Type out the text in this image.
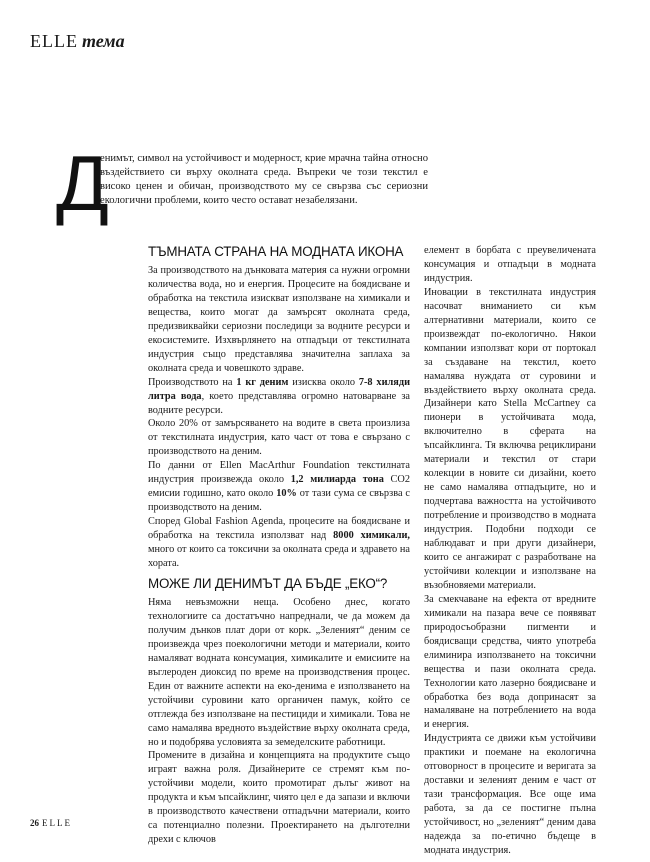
ELLE тема
Д

енимът, символ на устойчивост и модерност, крие мрачна тайна относно въздействието си върху околната среда. Въпреки че този текстил е високо ценен и обичан, производството му се свързва със сериозни екологични проблеми, които често остават незабелязани.

ТЪМНАТА СТРАНА НА МОДНАТА ИКОНА

За производството на дънковата материя са нужни огромни количества вода, но и енергия. Процесите на боядисване и обработка на текстила изискват използване на химикали и вещества, които могат да замърсят околната среда, предизвиквайки сериозни последици за водните ресурси и екосистемите. Изхвърлянето на отпадъци от текстилната индустрия също представлява значителна заплаха за околната среда и човешкото здраве.

Производството на 1 кг деним изисква около 7-8 хиляди литра вода, което представлява огромно натоварване за водните ресурси.

Около 20% от замърсяването на водите в света произлиза от текстилната индустрия, като част от това е свързано с производството на деним.

По данни от Ellen MacArthur Foundation текстилната индустрия произвежда около 1,2 милиарда тона CO2 емисии годишно, като около 10% от тази сума се свързва с производството на деним.

Според Global Fashion Agenda, процесите на боядисване и обработка на текстила използват над 8000 химикали, много от които са токсични за околната среда и здравето на хората.

МОЖЕ ЛИ ДЕНИМЪТ ДА БЪДЕ „ЕКО“?

Няма невъзможни неща. Особено днес, когато технологиите са достатъчно напреднали, че да можем да получим дънков плат дори от корк. „Зеленият“ деним се произвежда чрез поекологични методи и материали, които намаляват водната консумация, химикалите и емисиите на въглероден диоксид по време на производствения процес. Един от важните аспекти на еко-денима е използването на устойчиви суровини като органичен памук, който се отглежда без използване на пестициди и химикали. Това не само намалява вредното въздействие върху околната среда, но и подобрява условията за земеделските работници.

Промените в дизайна и концепцията на продуктите също играят важна роля. Дизайнерите се стремят към по-устойчиви модели, които промотират дълъг живот на продукта и към ъпсайклинг, чиято цел е да запази и включи в производството качествени отпадъчни материали, които са потенциално полезни. Проектирането на дълготелни дрехи с ключов

елемент в борбата с преувеличената консумация и отпадъци в модната индустрия.

Иновации в текстилната индустрия насочват вниманието си към алтернативни материали, които се произвеждат по-екологично. Някои компании използват кори от портокал за създаване на текстил, което намалява нуждата от суровини и въздействието върху околната среда. Дизайнери като Stella McCartney са пионери в устойчивата мода, включително в сферата на ъпсайклинга. Тя включва рециклирани материали и текстил от стари колекции в новите си дизайни, което не само намалява отпадъците, но и подчертава важността на устойчивото потребление и производство в модната индустрия. Подобни подходи се наблюдават и при други дизайнери, които се ангажират с разработване на устойчиви колекции и използване на възобновяеми материали.

За смекчаване на ефекта от вредните химикали на пазара вече се появяват природосъобразни пигменти и боядисващи средства, чиято употреба елиминира използването на токсични вещества и пази околната среда. Технологии като лазерно боядисване и обработка без вода допринасят за намаляване на потреблението на вода и енергия.

Индустрията се движи към устойчиви практики и поемане на екологична отговорност в процесите и веригата за доставки и зеленият деним е част от тази трансформация. Все още има работа, за да се постигне пълна устойчивост, но „зеленият“ деним дава надежда за по-етично бъдеще в модната индустрия.

26 ELLE
